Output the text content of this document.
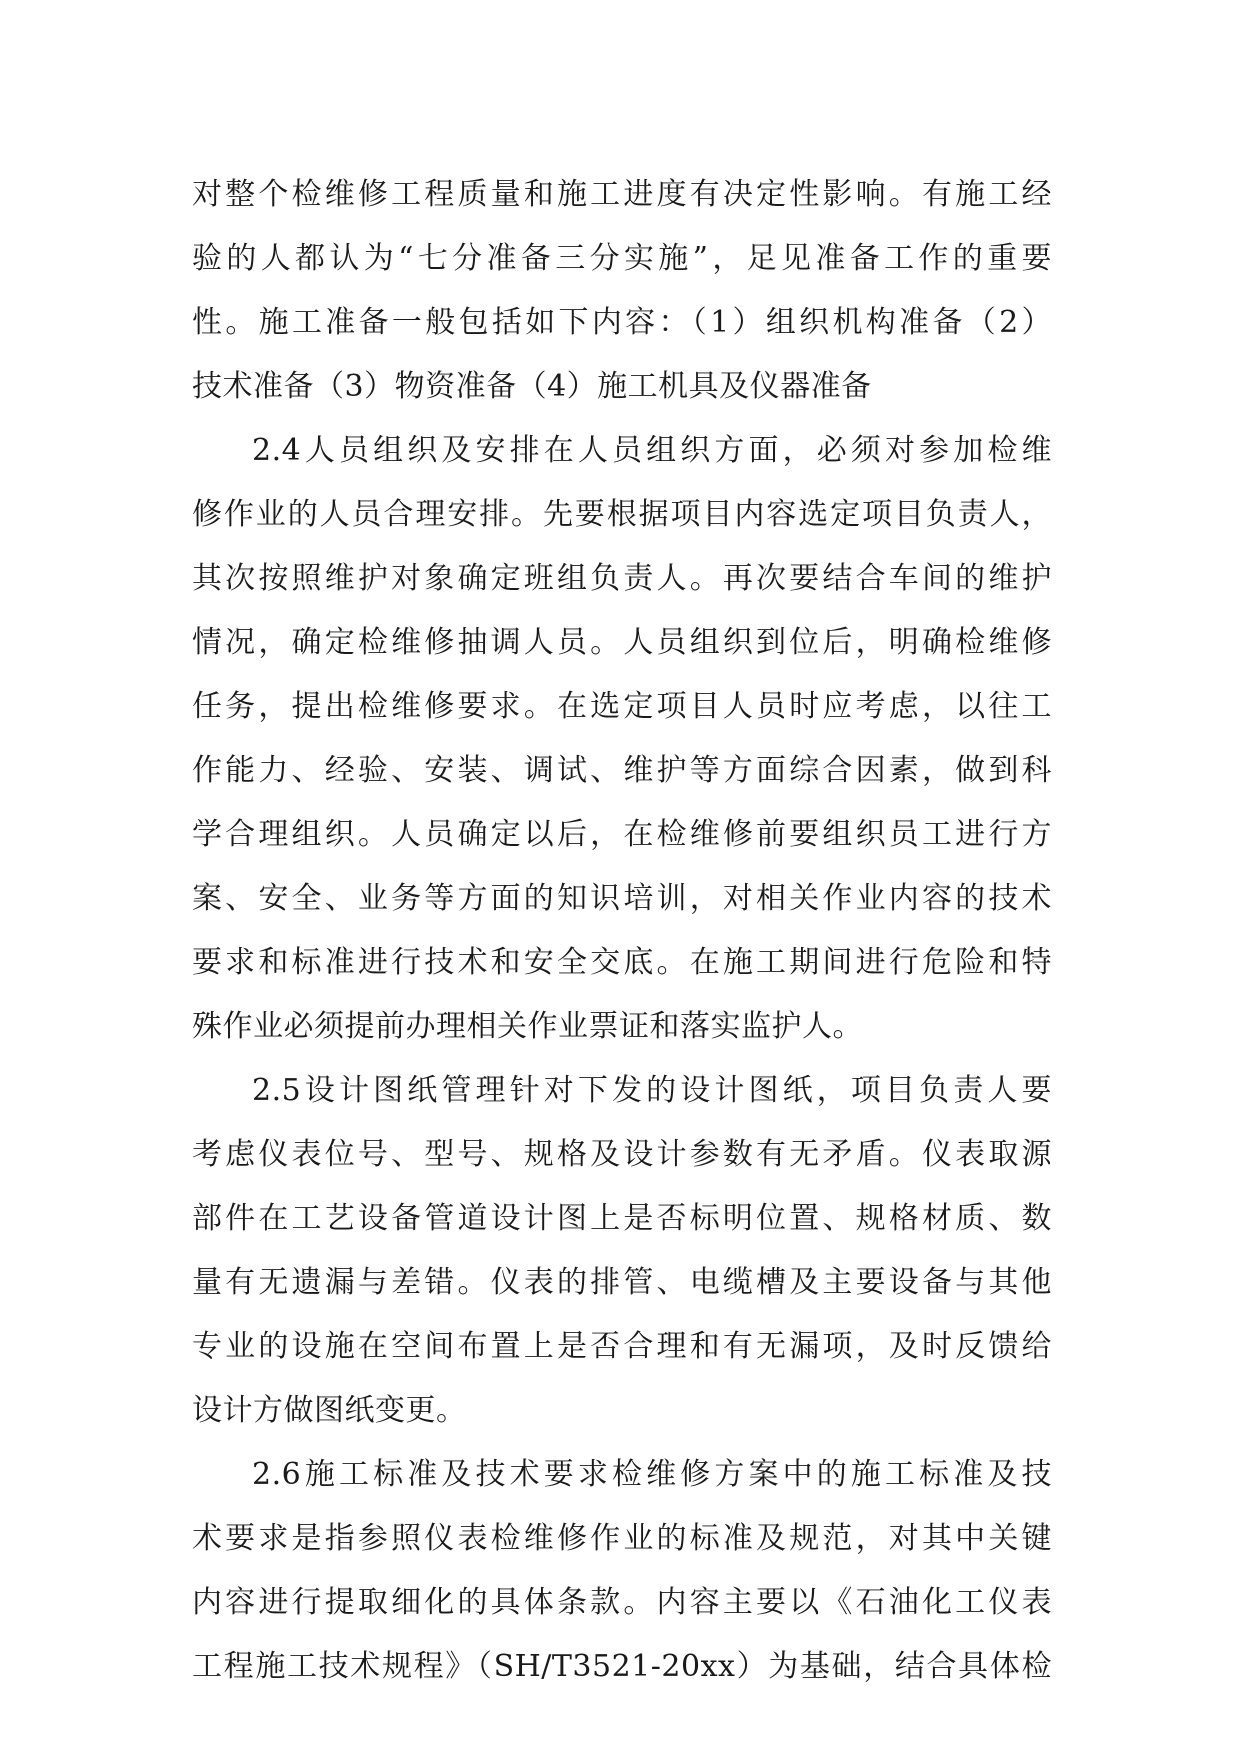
对整个检维修工程质量和施工进度有决定性影响。有施工经
验的人都认为“七分准备三分实施”，足见准备工作的重要
性。施工准备一般包括如下内容：（1）组织机构准备（2）
技术准备（3）物资准备（4）施工机具及仪器准备
2.4人员组织及安排在人员组织方面，必须对参加检维
修作业的人员合理安排。先要根据项目内容选定项目负责人，
其次按照维护对象确定班组负责人。再次要结合车间的维护
情况，确定检维修抽调人员。人员组织到位后，明确检维修
任务，提出检维修要求。在选定项目人员时应考虑，以往工
作能力、经验、安装、调试、维护等方面综合因素，做到科
学合理组织。人员确定以后，在检维修前要组织员工进行方
案、安全、业务等方面的知识培训，对相关作业内容的技术
要求和标准进行技术和安全交底。在施工期间进行危险和特
殊作业必须提前办理相关作业票证和落实监护人。
2.5设计图纸管理针对下发的设计图纸，项目负责人要
考虑仪表位号、型号、规格及设计参数有无矛盾。仪表取源
部件在工艺设备管道设计图上是否标明位置、规格材质、数
量有无遗漏与差错。仪表的排管、电缆槽及主要设备与其他
专业的设施在空间布置上是否合理和有无漏项，及时反馈给
设计方做图纸变更。
2.6施工标准及技术要求检维修方案中的施工标准及技
术要求是指参照仪表检维修作业的标准及规范，对其中关键
内容进行提取细化的具体条款。内容主要以《石油化工仪表
工程施工技术规程》（SH/T3521-20xx）为基础，结合具体检
